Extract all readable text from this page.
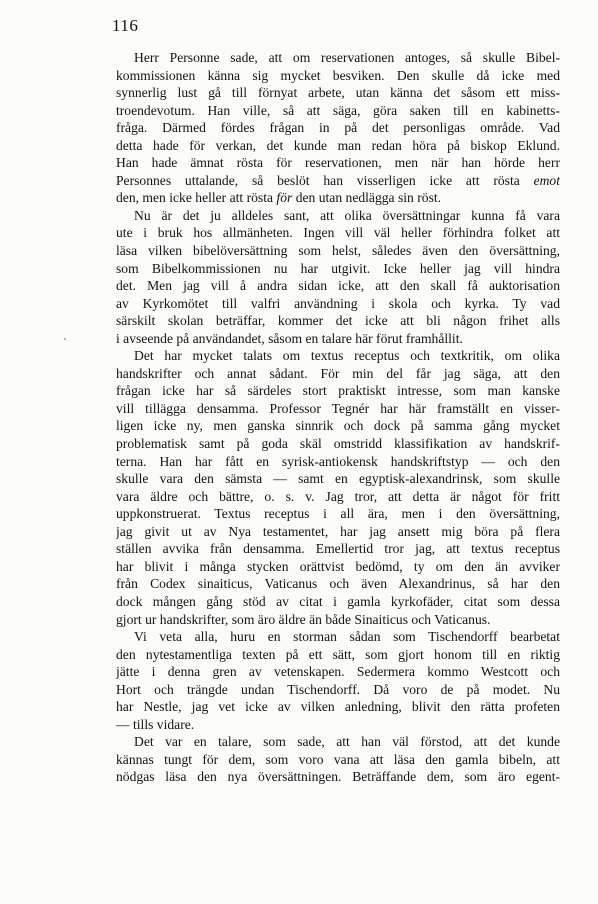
116
Herr Personne sade, att om reservationen antoges, så skulle Bibel-
kommissionen känna sig mycket besviken. Den skulle då icke med
synnerlig lust gå till förnyat arbete, utan känna det såsom ett miss-
troendevotum. Han ville, så att säga, göra saken till en kabinetts-
fråga. Därmed fördes frågan in på det personligas område. Vad
detta hade för verkan, det kunde man redan höra på biskop Eklund.
Han hade ämnat rösta för reservationen, men när han hörde herr
Personnes uttalande, så beslöt han visserligen icke att rösta emot
den, men icke heller att rösta för den utan nedlägga sin röst.
Nu är det ju alldeles sant, att olika översättningar kunna få vara
ute i bruk hos allmänheten. Ingen vill väl heller förhindra folket att
läsa vilken bibelöversättning som helst, således även den översättning,
som Bibelkommissionen nu har utgivit. Icke heller jag vill hindra
det. Men jag vill å andra sidan icke, att den skall få auktorisation
av Kyrkomötet till valfri användning i skola och kyrka. Ty vad
särskilt skolan beträffar, kommer det icke att bli någon frihet alls
i avseende på användandet, såsom en talare här förut framhållit.
Det har mycket talats om textus receptus och textkritik, om olika
handskrifter och annat sådant. För min del får jag säga, att den
frågan icke har så särdeles stort praktiskt intresse, som man kanske
vill tillägga densamma. Professor Tegnér har här framställt en visser-
ligen icke ny, men ganska sinnrik och dock på samma gång mycket
problematisk samt på goda skäl omstridd klassifikation av handskrif-
terna. Han har fått en syrisk-antiokensk handskriftstyp — och den
skulle vara den sämsta — samt en egyptisk-alexandrinsk, som skulle
vara äldre och bättre, o. s. v. Jag tror, att detta är något för fritt
uppkonstruerat. Textus receptus i all ära, men i den översättning,
jag givit ut av Nya testamentet, har jag ansett mig böra på flera
ställen avvika från densamma. Emellertid tror jag, att textus receptus
har blivit i många stycken orättvist bedömd, ty om den än avviker
från Codex sinaiticus, Vaticanus och även Alexandrinus, så har den
dock mången gång stöd av citat i gamla kyrkofäder, citat som dessa
gjort ur handskrifter, som äro äldre än både Sinaiticus och Vaticanus.
Vi veta alla, huru en storman sådan som Tischendorff bearbetat
den nytestamentliga texten på ett sätt, som gjort honom till en riktig
jätte i denna gren av vetenskapen. Sedermera kommo Westcott och
Hort och trängde undan Tischendorff. Då voro de på modet. Nu
har Nestle, jag vet icke av vilken anledning, blivit den rätta profeten
— tills vidare.
Det var en talare, som sade, att han väl förstod, att det kunde
kännas tungt för dem, som voro vana att läsa den gamla bibeln, att
nödgas läsa den nya översättningen. Beträffande dem, som äro egent-
